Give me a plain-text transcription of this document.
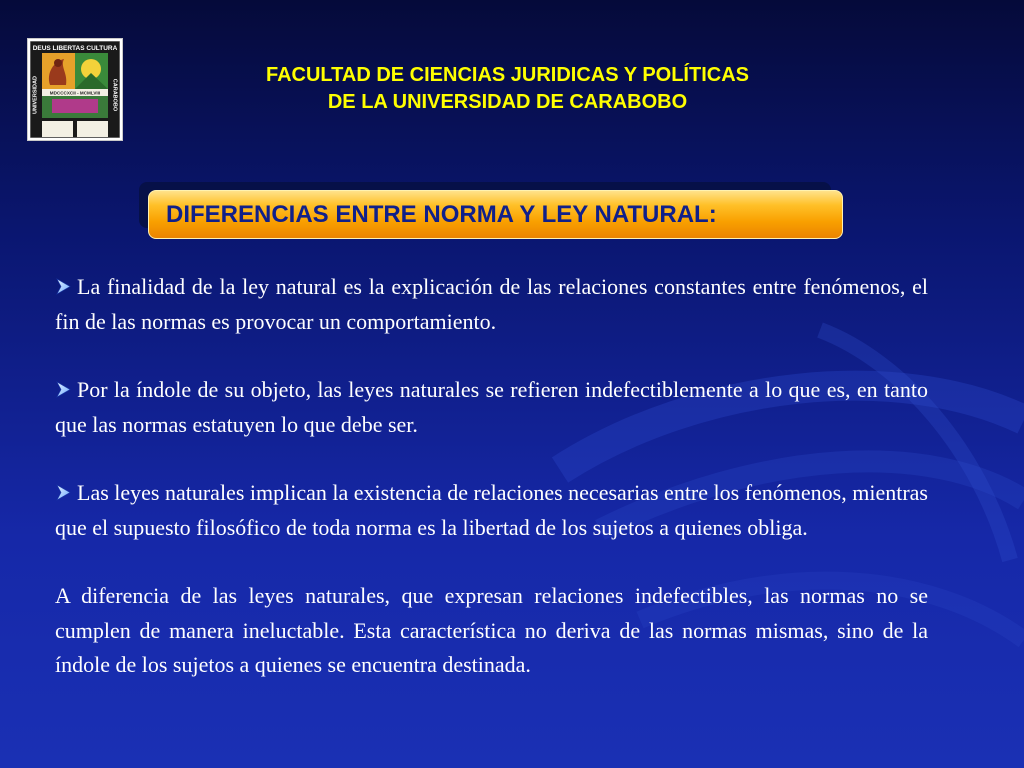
DEUS LIBERTAS CULTURA
UNIVERSIDAD	CARABOBO
MDCCCXCII - MCMLVIII
FACULTAD DE CIENCIAS JURIDICAS Y POLÍTICAS
DE LA UNIVERSIDAD DE CARABOBO
DIFERENCIAS ENTRE NORMA Y LEY NATURAL:

La finalidad de la ley natural es la explicación de las relaciones constantes entre fenómenos, el fin de las normas es provocar un comportamiento.

Por la índole de su objeto, las leyes naturales se refieren indefectiblemente a lo que es, en tanto que las normas estatuyen lo que debe ser.

Las leyes naturales implican la existencia de relaciones necesarias entre los fenómenos, mientras que el supuesto filosófico de toda norma es la libertad de los sujetos a quienes obliga.

A diferencia de las leyes naturales, que expresan relaciones indefectibles, las normas no se cumplen de manera ineluctable. Esta característica no deriva de las normas mismas, sino de la índole de los sujetos a quienes se encuentra destinada.
